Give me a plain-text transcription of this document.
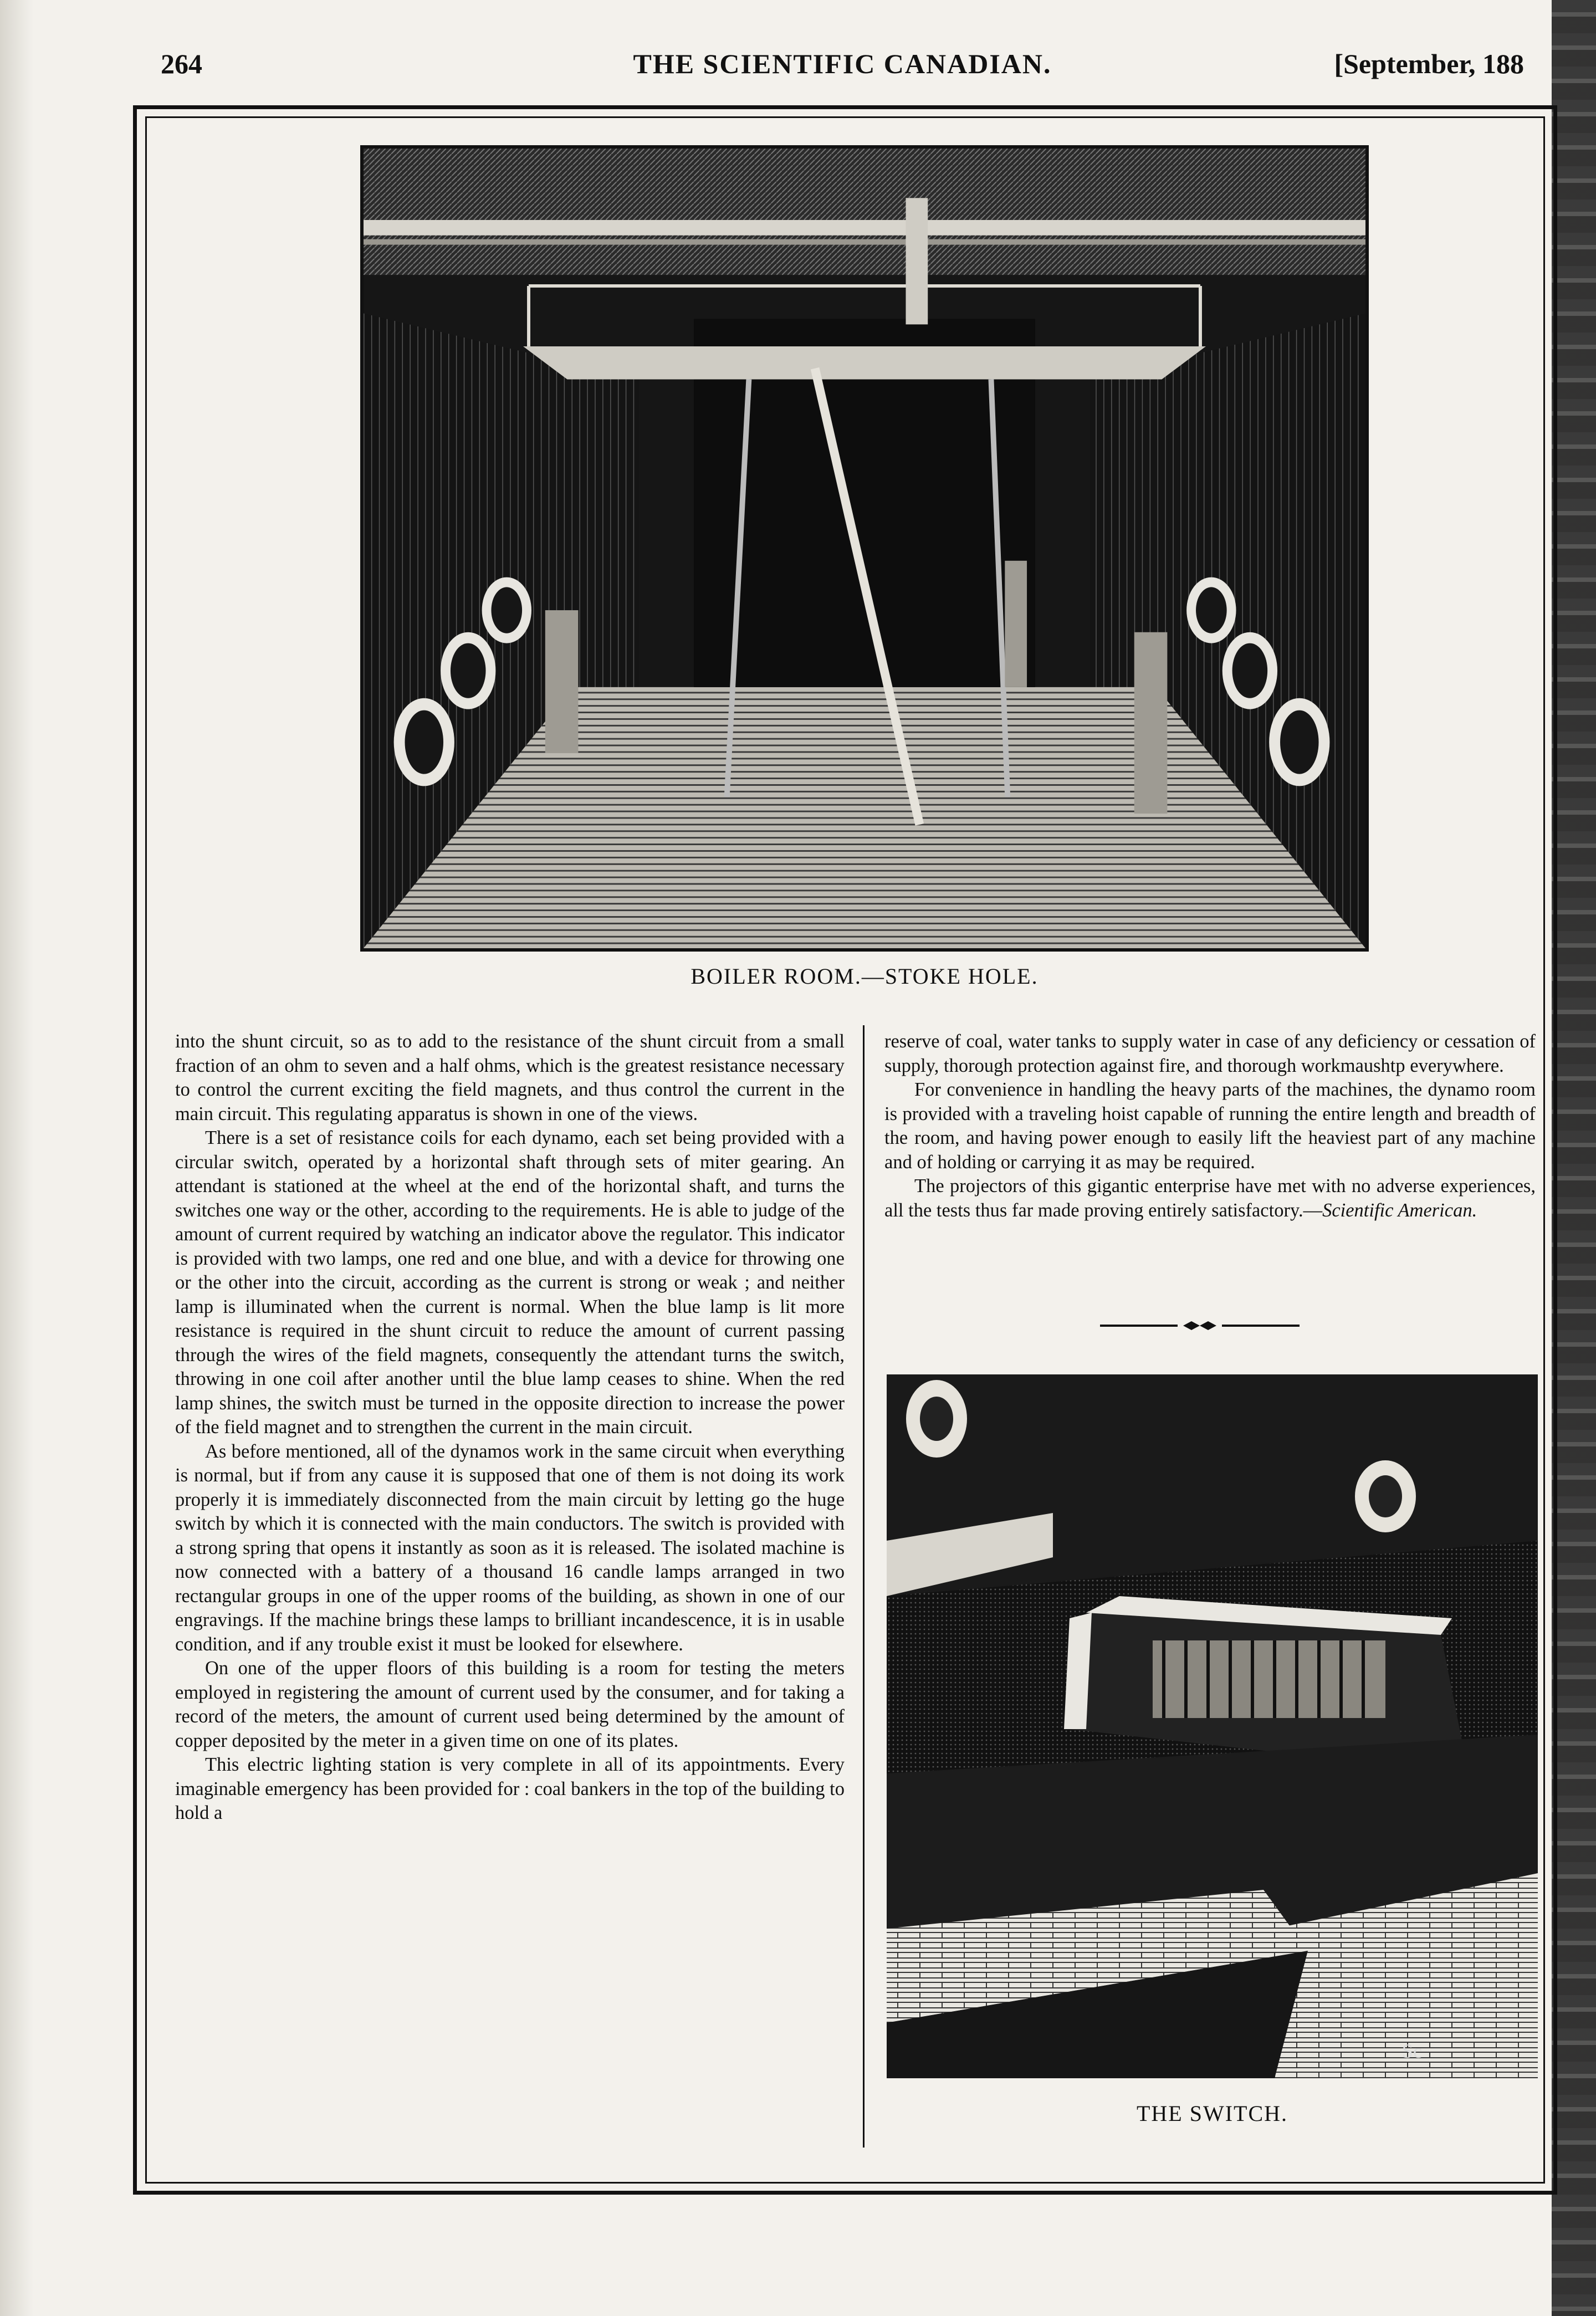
264	THE SCIENTIFIC CANADIAN.	[September, 188
BOILER ROOM.—STOKE HOLE.

into the shunt circuit, so as to add to the resistance of the shunt circuit from a small fraction of an ohm to seven and a half ohms, which is the greatest resistance necessary to control the current exciting the field magnets, and thus control the current in the main circuit. This regulating apparatus is shown in one of the views.

There is a set of resistance coils for each dynamo, each set being provided with a circular switch, operated by a horizontal shaft through sets of miter gearing. An attendant is stationed at the wheel at the end of the horizontal shaft, and turns the switches one way or the other, according to the requirements. He is able to judge of the amount of current required by watching an indicator above the regulator. This indicator is provided with two lamps, one red and one blue, and with a device for throwing one or the other into the circuit, according as the current is strong or weak ; and neither lamp is illuminated when the current is normal. When the blue lamp is lit more resistance is required in the shunt circuit to reduce the amount of current passing through the wires of the field magnets, consequently the attendant turns the switch, throwing in one coil after another until the blue lamp ceases to shine. When the red lamp shines, the switch must be turned in the opposite direction to increase the power of the field magnet and to strengthen the current in the main circuit.

As before mentioned, all of the dynamos work in the same circuit when everything is normal, but if from any cause it is supposed that one of them is not doing its work properly it is immediately disconnected from the main circuit by letting go the huge switch by which it is connected with the main conductors. The switch is provided with a strong spring that opens it instantly as soon as it is released. The isolated machine is now connected with a battery of a thousand 16 candle lamps arranged in two rectangular groups in one of the upper rooms of the building, as shown in one of our engravings. If the machine brings these lamps to brilliant incandescence, it is in usable condition, and if any trouble exist it must be looked for elsewhere.

On one of the upper floors of this building is a room for testing the meters employed in registering the amount of current used by the consumer, and for taking a record of the meters, the amount of current used being determined by the amount of copper deposited by the meter in a given time on one of its plates.

This electric lighting station is very complete in all of its appointments. Every imaginable emergency has been provided for : coal bankers in the top of the building to hold a

reserve of coal, water tanks to supply water in case of any deficiency or cessation of supply, thorough protection against fire, and thorough workmaushtp everywhere.

For convenience in handling the heavy parts of the machines, the dynamo room is provided with a traveling hoist capable of running the entire length and breadth of the room, and having power enough to easily lift the heaviest part of any machine and of holding or carrying it as may be required.

The projectors of this gigantic enterprise have met with no adverse experiences, all the tests thus far made proving entirely satisfactory.—Scientific American.

Sc
THE SWITCH.
